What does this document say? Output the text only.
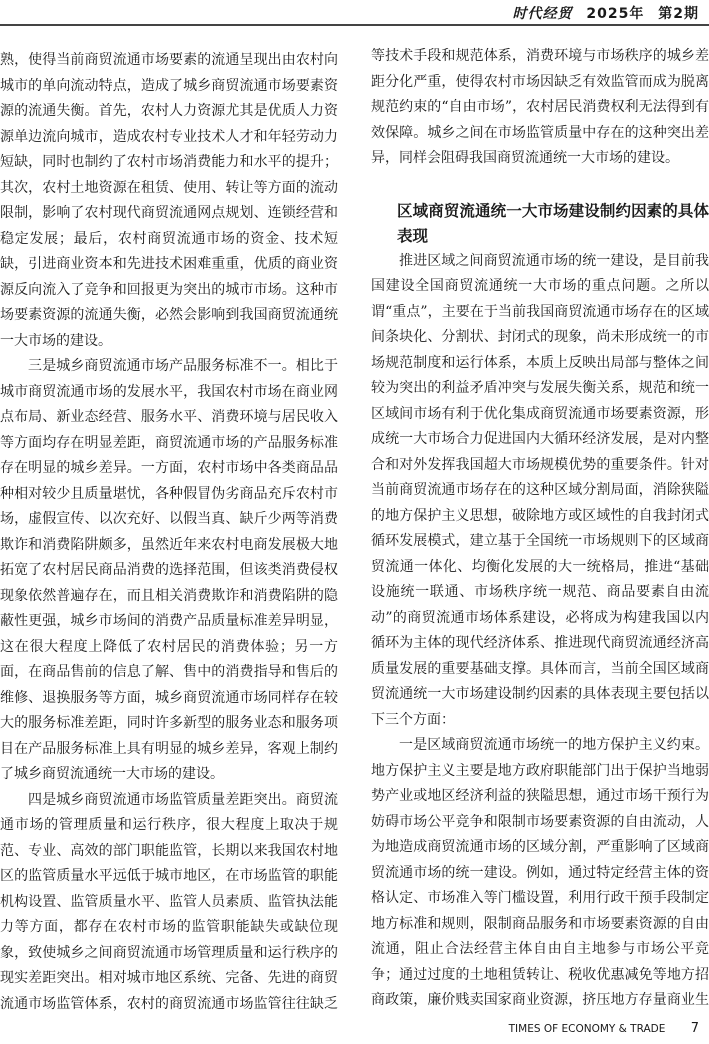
时代经贸 2025年 第2期

熟，使得当前商贸流通市场要素的流通呈现出由农村向城市的单向流动特点，造成了城乡商贸流通市场要素资源的流通失衡。首先，农村人力资源尤其是优质人力资源单边流向城市，造成农村专业技术人才和年轻劳动力短缺，同时也制约了农村市场消费能力和水平的提升；其次，农村土地资源在租赁、使用、转让等方面的流动限制，影响了农村现代商贸流通网点规划、连锁经营和稳定发展；最后，农村商贸流通市场的资金、技术短缺，引进商业资本和先进技术困难重重，优质的商业资源反向流入了竞争和回报更为突出的城市市场。这种市场要素资源的流通失衡，必然会影响到我国商贸流通统一大市场的建设。

三是城乡商贸流通市场产品服务标准不一。相比于城市商贸流通市场的发展水平，我国农村市场在商业网点布局、新业态经营、服务水平、消费环境与居民收入等方面均存在明显差距，商贸流通市场的产品服务标准存在明显的城乡差异。一方面，农村市场中各类商品品种相对较少且质量堪忧，各种假冒伪劣商品充斥农村市场，虚假宣传、以次充好、以假当真、缺斤少两等消费欺诈和消费陷阱颇多，虽然近年来农村电商发展极大地拓宽了农村居民商品消费的选择范围，但该类消费侵权现象依然普遍存在，而且相关消费欺诈和消费陷阱的隐蔽性更强，城乡市场间的消费产品质量标准差异明显，这在很大程度上降低了农村居民的消费体验；另一方面，在商品售前的信息了解、售中的消费指导和售后的维修、退换服务等方面，城乡商贸流通市场同样存在较大的服务标准差距，同时许多新型的服务业态和服务项目在产品服务标准上具有明显的城乡差异，客观上制约了城乡商贸流通统一大市场的建设。

四是城乡商贸流通市场监管质量差距突出。商贸流通市场的管理质量和运行秩序，很大程度上取决于规范、专业、高效的部门职能监管，长期以来我国农村地区的监管质量水平远低于城市地区，在市场监管的职能机构设置、监管质量水平、监管人员素质、监管执法能力等方面，都存在农村市场的监管职能缺失或缺位现象，致使城乡之间商贸流通市场管理质量和运行秩序的现实差距突出。相对城市地区系统、完备、先进的商贸流通市场监管体系，农村的商贸流通市场监管往往缺乏

等技术手段和规范体系，消费环境与市场秩序的城乡差距分化严重，使得农村市场因缺乏有效监管而成为脱离规范约束的“自由市场”，农村居民消费权利无法得到有效保障。城乡之间在市场监管质量中存在的这种突出差异，同样会阻碍我国商贸流通统一大市场的建设。

区域商贸流通统一大市场建设制约因素的具体表现

推进区域之间商贸流通市场的统一建设，是目前我国建设全国商贸流通统一大市场的重点问题。之所以谓“重点”，主要在于当前我国商贸流通市场存在的区域间条块化、分割状、封闭式的现象，尚未形成统一的市场规范制度和运行体系，本质上反映出局部与整体之间较为突出的利益矛盾冲突与发展失衡关系，规范和统一区域间市场有利于优化集成商贸流通市场要素资源，形成统一大市场合力促进国内大循环经济发展，是对内整合和对外发挥我国超大市场规模优势的重要条件。针对当前商贸流通市场存在的这种区域分割局面，消除狭隘的地方保护主义思想，破除地方或区域性的自我封闭式循环发展模式，建立基于全国统一市场规则下的区域商贸流通一体化、均衡化发展的大一统格局，推进“基础设施统一联通、市场秩序统一规范、商品要素自由流动”的商贸流通市场体系建设，必将成为构建我国以内循环为主体的现代经济体系、推进现代商贸流通经济高质量发展的重要基础支撑。具体而言，当前全国区域商贸流通统一大市场建设制约因素的具体表现主要包括以下三个方面：

一是区域商贸流通市场统一的地方保护主义约束。地方保护主义主要是地方政府职能部门出于保护当地弱势产业或地区经济利益的狭隘思想，通过市场干预行为妨碍市场公平竞争和限制市场要素资源的自由流动，人为地造成商贸流通市场的区域分割，严重影响了区域商贸流通市场的统一建设。例如，通过特定经营主体的资格认定、市场准入等门槛设置，利用行政干预手段制定地方标准和规则，限制商品服务和市场要素资源的自由流通，阻止合法经营主体自由自主地参与市场公平竞争；通过过度的土地租赁转让、税收优惠减免等地方招商政策，廉价贱卖国家商业资源，挤压地方存量商业生

TIMES OF ECONOMY & TRADE 7
